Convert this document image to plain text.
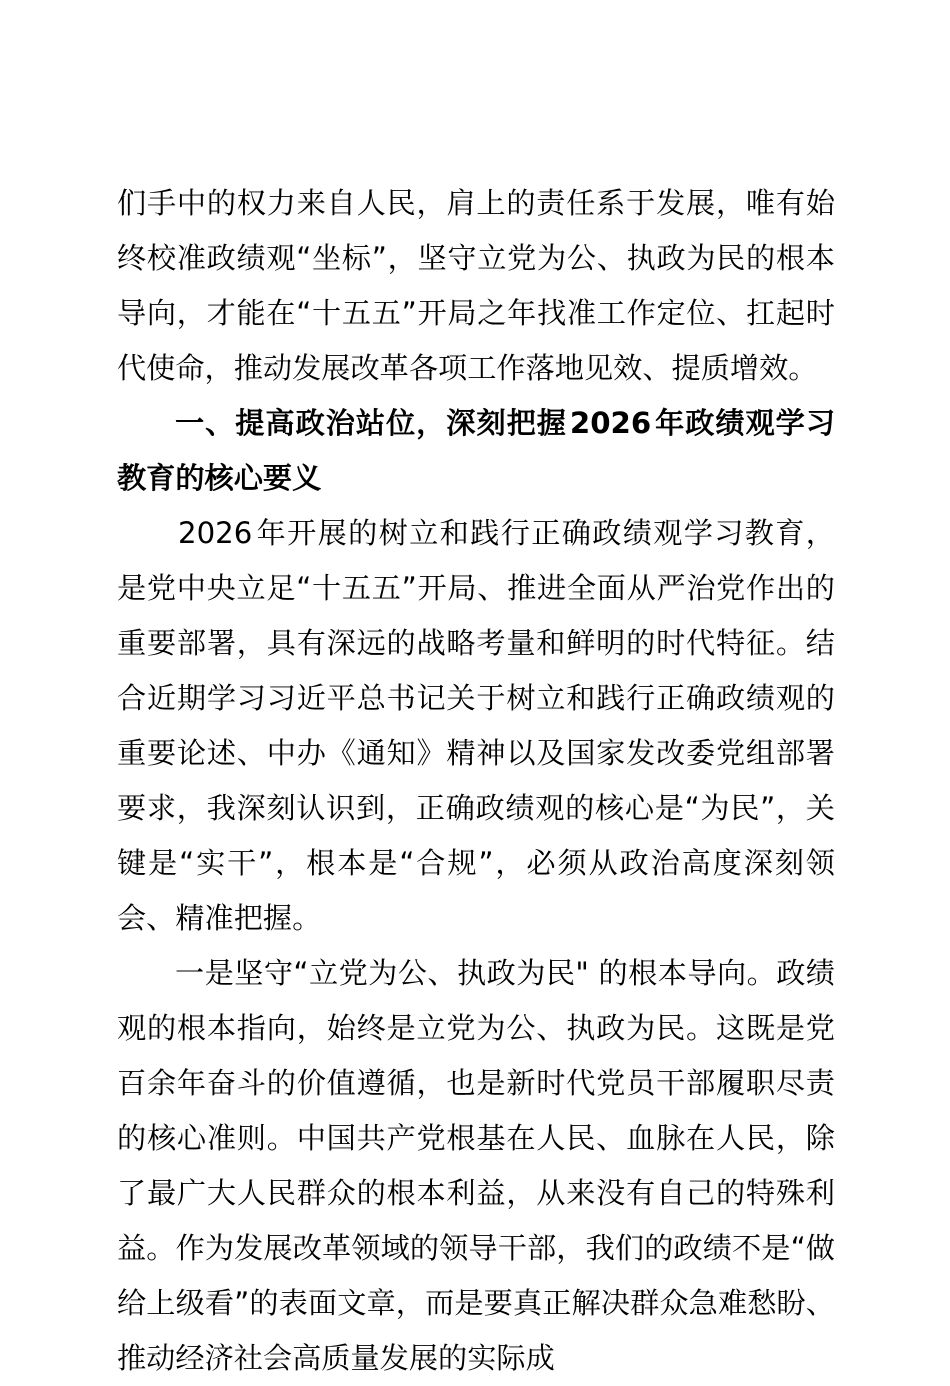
们手中的权力来自人民，肩上的责任系于发展，唯有始终校准政绩观“坐标”，坚守立党为公、执政为民的根本导向，才能在“十五五”开局之年找准工作定位、扛起时代使命，推动发展改革各项工作落地见效、提质增效。

一、提高政治站位，深刻把握 2026 年政绩观学习教育的核心要义

2026 年开展的树立和践行正确政绩观学习教育，是党中央立足“十五五”开局、推进全面从严治党作出的重要部署，具有深远的战略考量和鲜明的时代特征。结合近期学习习近平总书记关于树立和践行正确政绩观的重要论述、中办《通知》精神以及国家发改委党组部署要求，我深刻认识到，正确政绩观的核心是“为民”，关键是“实干”，根本是“合规”，必须从政治高度深刻领会、精准把握。

一是坚守“立党为公、执政为民" 的根本导向。政绩观的根本指向，始终是立党为公、执政为民。这既是党百余年奋斗的价值遵循，也是新时代党员干部履职尽责的核心准则。中国共产党根基在人民、血脉在人民，除了最广大人民群众的根本利益，从来没有自己的特殊利益。作为发展改革领域的领导干部，我们的政绩不是“做给上级看”的表面文章，而是要真正解决群众急难愁盼、推动经济社会高质量发展的实际成
